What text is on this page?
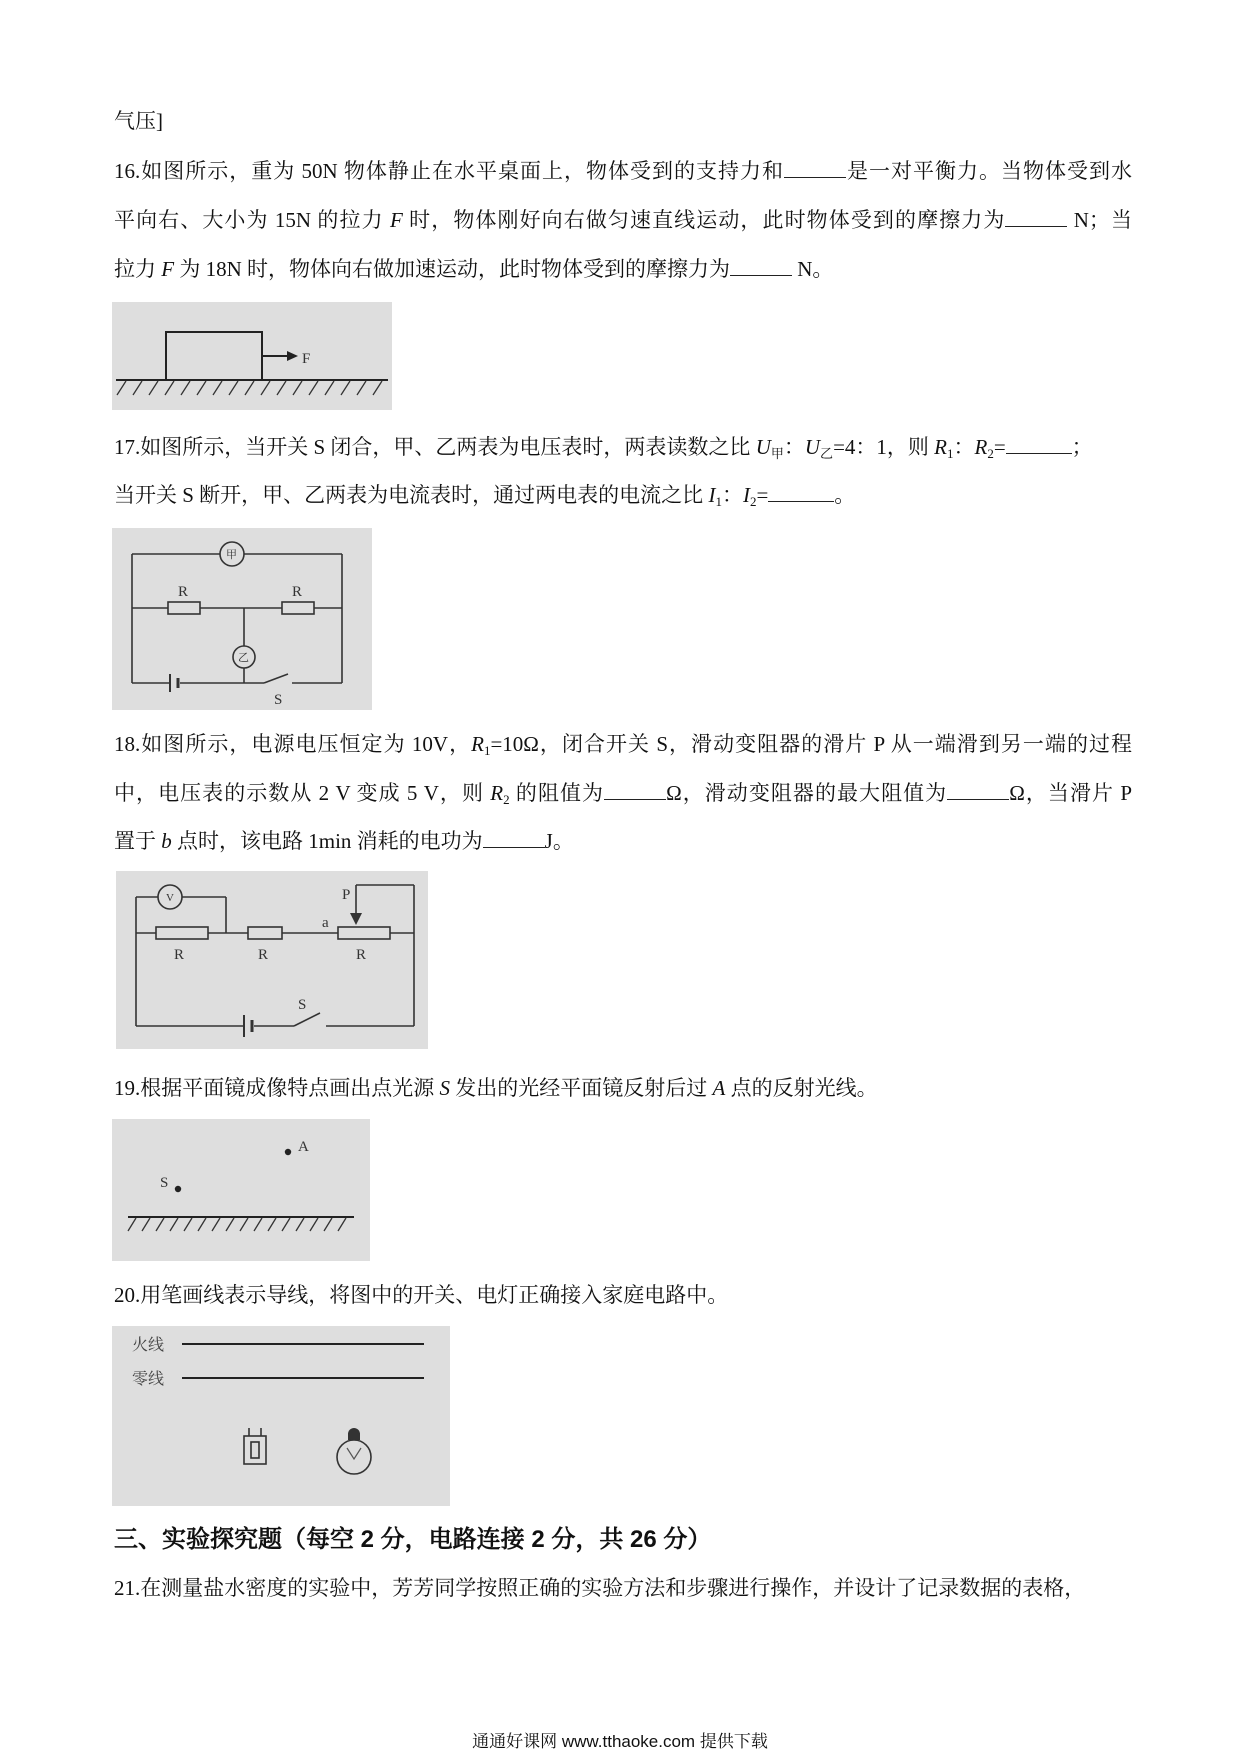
气压]
16.如图所示，重为 50N 物体静止在水平桌面上，物体受到的支持力和	是一对平衡力。当物体受到水
平向右、大小为 15N 的拉力 F 时，物体刚好向右做匀速直线运动，此时物体受到的摩擦力为	N；当
拉力 F 为 18N 时，物体向右做加速运动，此时物体受到的摩擦力为	N。
F
17.如图所示，当开关 S 闭合，甲、乙两表为电压表时，两表读数之比 $U_甲$：$U_乙=4$：1，则 $R_1$：$R_2=$	；
当开关 S 断开，甲、乙两表为电流表时，通过两电表的电流之比 $I_1$：$I_2=$	。
甲
乙
R	R
S
18.如图所示，电源电压恒定为 10V，$R_1=10\Omega$，闭合开关 S，滑动变阻器的滑片 P 从一端滑到另一端的过程
中，电压表的示数从 2 V 变成 5 V，则 $R_2$ 的阻值为	Ω，滑动变阻器的最大阻值为	Ω，当滑片 P
置于 b 点时，该电路 1min 消耗的电功为	J。
V	P
a
R	R	R
S
19.根据平面镜成像特点画出点光源 S 发出的光经平面镜反射后过 A 点的反射光线。
A
S
20.用笔画线表示导线，将图中的开关、电灯正确接入家庭电路中。
火线
零线
三、实验探究题（每空 2 分，电路连接 2 分，共 26 分）
21.在测量盐水密度的实验中，芳芳同学按照正确的实验方法和步骤进行操作，并设计了记录数据的表格，
通通好课网 www.tthaoke.com 提供下载
